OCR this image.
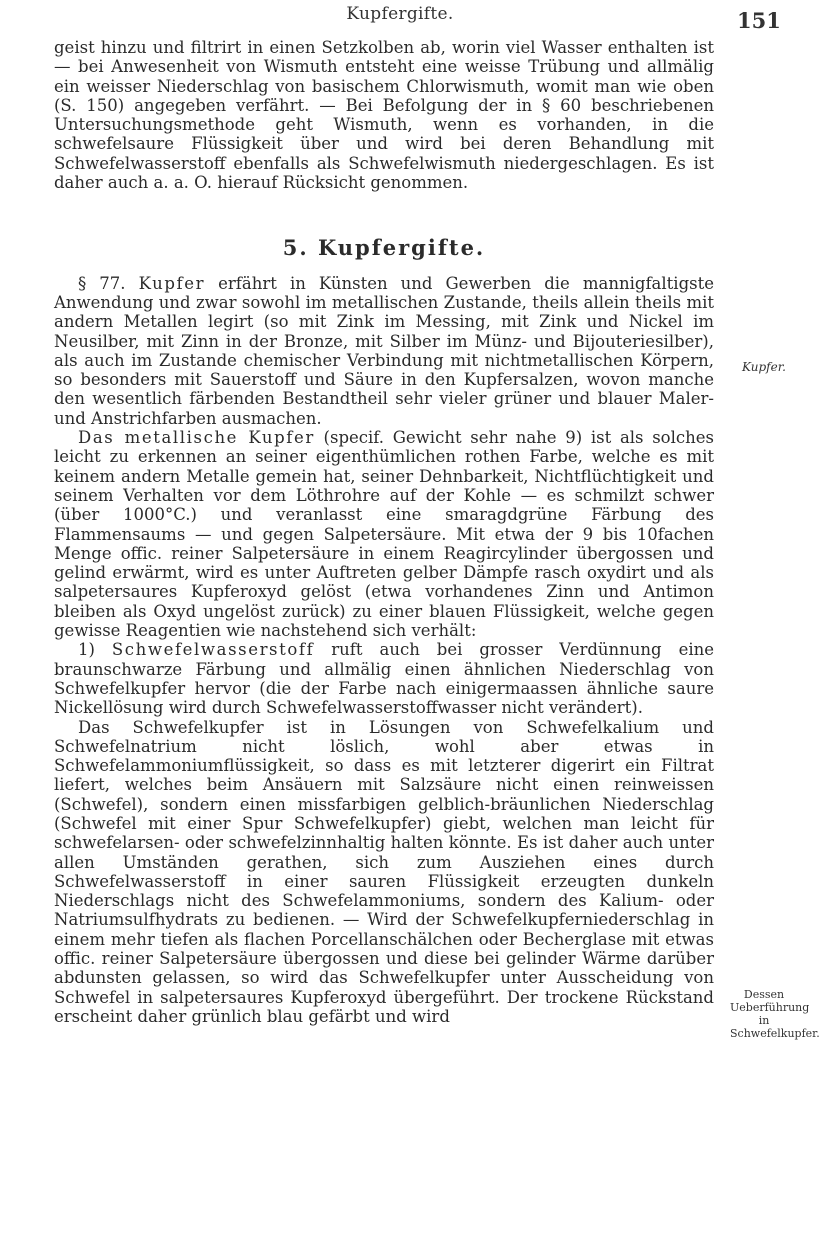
Kupfergifte.	151

geist hinzu und filtrirt in einen Setzkolben ab, worin viel Wasser enthalten ist — bei Anwesenheit von Wismuth entsteht eine weisse Trübung und allmälig ein weisser Niederschlag von basischem Chlorwismuth, womit man wie oben (S. 150) angegeben verfährt. — Bei Befolgung der in § 60 beschriebenen Untersuchungsmethode geht Wismuth, wenn es vorhanden, in die schwefelsaure Flüssigkeit über und wird bei deren Behandlung mit Schwefelwasserstoff ebenfalls als Schwefelwismuth niedergeschlagen. Es ist daher auch a. a. O. hierauf Rücksicht genommen.

5. Kupfergifte.

§ 77. Kupfer erfährt in Künsten und Gewerben die mannigfaltigste Anwendung und zwar sowohl im metallischen Zustande, theils allein theils mit andern Metallen legirt (so mit Zink im Messing, mit Zink und Nickel im Neusilber, mit Zinn in der Bronze, mit Silber im Münz- und Bijouteriesilber), als auch im Zustande chemischer Verbindung mit nichtmetallischen Körpern, so besonders mit Sauerstoff und Säure in den Kupfersalzen, wovon manche den wesentlich färbenden Bestandtheil sehr vieler grüner und blauer Maler- und Anstrichfarben ausmachen.

Das metallische Kupfer (specif. Gewicht sehr nahe 9) ist als solches leicht zu erkennen an seiner eigenthümlichen rothen Farbe, welche es mit keinem andern Metalle gemein hat, seiner Dehnbarkeit, Nichtflüchtigkeit und seinem Verhalten vor dem Löthrohre auf der Kohle — es schmilzt schwer (über 1000°C.) und veranlasst eine smaragdgrüne Färbung des Flammensaums — und gegen Salpetersäure. Mit etwa der 9 bis 10fachen Menge offic. reiner Salpetersäure in einem Reagircylinder übergossen und gelind erwärmt, wird es unter Auftreten gelber Dämpfe rasch oxydirt und als salpetersaures Kupferoxyd gelöst (etwa vorhandenes Zinn und Antimon bleiben als Oxyd ungelöst zurück) zu einer blauen Flüssigkeit, welche gegen gewisse Reagentien wie nachstehend sich verhält:

1) Schwefelwasserstoff ruft auch bei grosser Verdünnung eine braunschwarze Färbung und allmälig einen ähnlichen Niederschlag von Schwefelkupfer hervor (die der Farbe nach einigermaassen ähnliche saure Nickellösung wird durch Schwefelwasserstoffwasser nicht verändert).

Das Schwefelkupfer ist in Lösungen von Schwefelkalium und Schwefelnatrium nicht löslich, wohl aber etwas in Schwefelammoniumflüssigkeit, so dass es mit letzterer digerirt ein Filtrat liefert, welches beim Ansäuern mit Salzsäure nicht einen reinweissen (Schwefel), sondern einen missfarbigen gelblich-bräunlichen Niederschlag (Schwefel mit einer Spur Schwefelkupfer) giebt, welchen man leicht für schwefelarsen- oder schwefelzinnhaltig halten könnte. Es ist daher auch unter allen Umständen gerathen, sich zum Ausziehen eines durch Schwefelwasserstoff in einer sauren Flüssigkeit erzeugten dunkeln Niederschlags nicht des Schwefelammoniums, sondern des Kalium- oder Natriumsulfhydrats zu bedienen. — Wird der Schwefelkupferniederschlag in einem mehr tiefen als flachen Porcellanschälchen oder Becherglase mit etwas offic. reiner Salpetersäure übergossen und diese bei gelinder Wärme darüber abdunsten gelassen, so wird das Schwefelkupfer unter Ausscheidung von Schwefel in salpetersaures Kupferoxyd übergeführt. Der trockene Rückstand erscheint daher grünlich blau gefärbt und wird

Kupfer.
Dessen Ueberführung in Schwefelkupfer.
